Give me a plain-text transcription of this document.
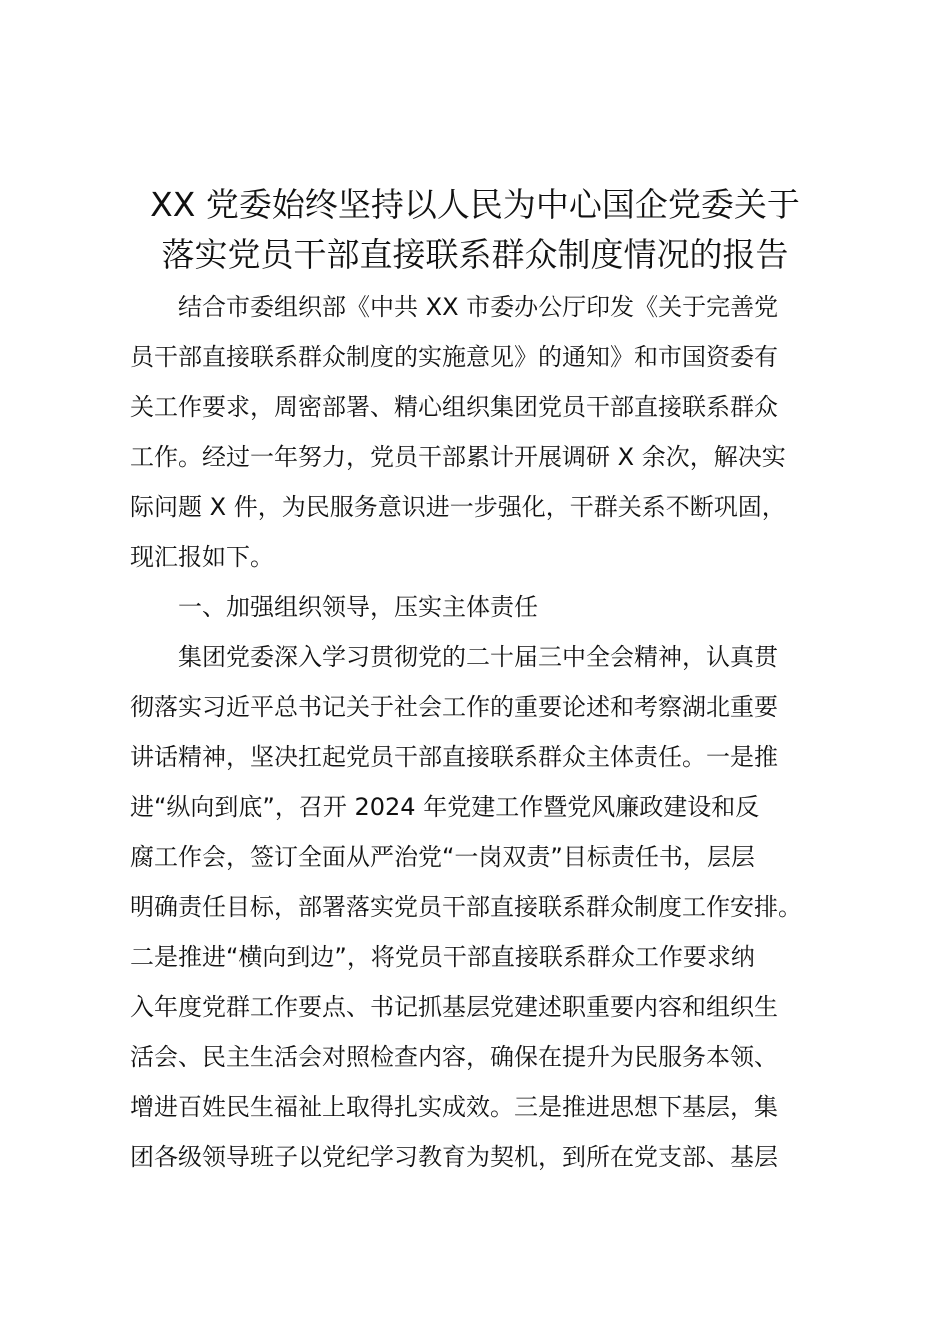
XX 党委始终坚持以人民为中心国企党委关于
落实党员干部直接联系群众制度情况的报告
结合市委组织部《中共 XX 市委办公厅印发《关于完善党
员干部直接联系群众制度的实施意见》的通知》和市国资委有
关工作要求，周密部署、精心组织集团党员干部直接联系群众
工作。经过一年努力，党员干部累计开展调研 X 余次，解决实
际问题 X 件，为民服务意识进一步强化，干群关系不断巩固，
现汇报如下。
一、加强组织领导，压实主体责任
集团党委深入学习贯彻党的二十届三中全会精神，认真贯
彻落实习近平总书记关于社会工作的重要论述和考察湖北重要
讲话精神，坚决扛起党员干部直接联系群众主体责任。一是推
进“纵向到底”，召开 2024 年党建工作暨党风廉政建设和反
腐工作会，签订全面从严治党“一岗双责”目标责任书，层层
明确责任目标，部署落实党员干部直接联系群众制度工作安排。
二是推进“横向到边”，将党员干部直接联系群众工作要求纳
入年度党群工作要点、书记抓基层党建述职重要内容和组织生
活会、民主生活会对照检查内容，确保在提升为民服务本领、
增进百姓民生福祉上取得扎实成效。三是推进思想下基层，集
团各级领导班子以党纪学习教育为契机，到所在党支部、基层
